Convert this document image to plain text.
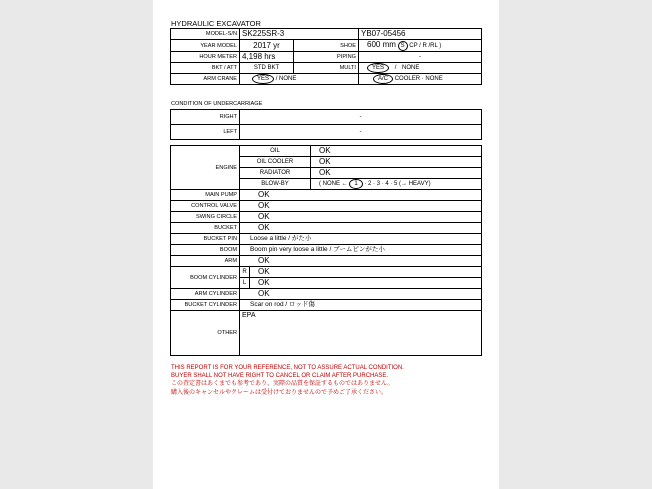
HYDRAULIC EXCAVATOR
MODEL-S/N	SK225SR-3		YB07-05456
YEAR MODEL	2017 yr	SHOE	600 mm S CP / R /RL )
HOUR METER	4,198 hrs	PIPING	-
BKT / ATT	STD BKT	MULTI	YES / NONE
ARM CRANE	YES / NONE		A/C COOLER · NONE
CONDITION OF UNDERCARRIAGE
RIGHT	-
LEFT	-
ENGINE	OIL		OK
	OIL COOLER		OK
	RADIATOR		OK
	BLOW-BY		( NONE ← 1 · 2 · 3 · 4 · 5 (→ HEAVY)
MAIN PUMP	OK		
CONTROL VALVE	OK		
SWING CIRCLE	OK		
BUCKET	OK		
BUCKET PIN	Loose a little / がた小		
BOOM	Boom pin very loose a little / ブームピンがた小		
ARM	OK		
BOOM CYLINDER	R	OK	
	L	OK	
ARM CYLINDER	OK		
BUCKET CYLINDER	Scar on rod / ロッド傷		
OTHER	EPA		
THIS REPORT IS FOR YOUR REFERENCE, NOT TO ASSURE ACTUAL CONDITION.
BUYER SHALL NOT HAVE RIGHT TO CANCEL OR CLAIM AFTER PURCHASE.
この査定書はあくまでも参考であり、実際の品質を保証するものではありません。
購入後のキャンセルやクレームは受付けておりませんので予めご了承ください。
